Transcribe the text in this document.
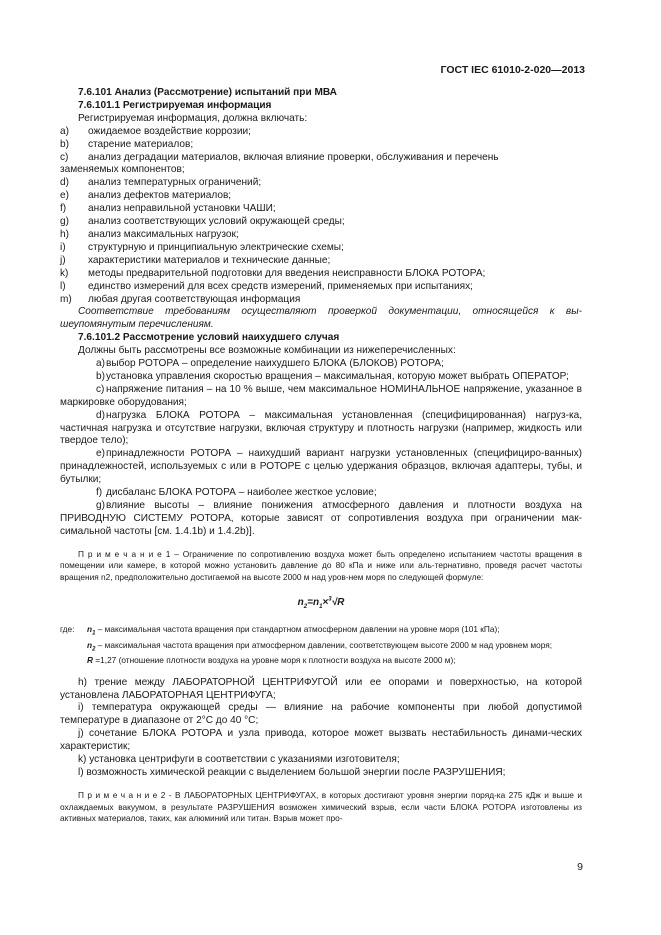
ГОСТ IEC 61010-2-020—2013

7.6.101 Анализ (Рассмотрение) испытаний при МВА

7.6.101.1 Регистрируемая информация

Регистрируемая информация, должна включать:

a)	ожидаемое воздействие коррозии;
b)	старение материалов;
c)	анализ деградации материалов, включая влияние проверки, обслуживания и перечень
заменяемых компонентов;
d)	анализ температурных ограничений;
e)	анализ дефектов материалов;
f)	анализ неправильной установки ЧАШИ;
g)	анализ соответствующих условий окружающей среды;
h)	анализ максимальных нагрузок;
i)	структурную и принципиальную электрические схемы;
j)	характеристики материалов и технические данные;
k)	методы предварительной подготовки для введения неисправности БЛОКА РОТОРА;
l)	единство измерений для всех средств измерений, применяемых при испытаниях;
m)	любая другая соответствующая информация

Соответствие требованиям осуществляют проверкой документации, относящейся к вы-шеупомянутым перечислениям.

7.6.101.2 Рассмотрение условий наихудшего случая

Должны быть рассмотрены все возможные комбинации из нижеперечисленных:

a)выбор РОТОРА – определение наихудшего БЛОКА (БЛОКОВ) РОТОРА;

b)установка управления скоростью вращения – максимальная, которую может выбрать ОПЕРАТОР;

c) напряжение питания – на 10 % выше, чем максимальное НОМИНАЛЬНОЕ напряжение, указанное в маркировке оборудования;

d)нагрузка БЛОКА РОТОРА – максимальная установленная (специфицированная) нагруз-ка, частичная нагрузка и отсутствие нагрузки, включая структуру и плотность нагрузки (например, жидкость или твердое тело);

e)принадлежности РОТОРА – наихудший вариант нагрузки установленных (специфициро-ванных) принадлежностей, используемых с или в РОТОРЕ с целью удержания образцов, включая адаптеры, тубы, и бутылки;

f) дисбаланс БЛОКА РОТОРА – наиболее жесткое условие;

g)влияние высоты – влияние понижения атмосферного давления и плотности воздуха на ПРИВОДНУЮ СИСТЕМУ РОТОРА, которые зависят от сопротивления воздуха при ограничении мак-симальной частоты [см. 1.4.1b) и 1.4.2b)].

П р и м е ч а н и е 1 – Ограничение по сопротивлению воздуха может быть определено испытанием частоты вращения в помещении или камере, в которой можно установить давление до 80 кПа и ниже или аль-тернативно, проведя расчет частоты вращения n2, предположительно достигаемой на высоте 2000 м над уров-нем моря по следующей формуле:

$n_2=n_1\times^3√R$
где:	$n_1$ – максимальная частота вращения при стандартном атмосферном давлении на уровне моря (101 кПа);
$n_2$ – максимальная частота вращения при атмосферном давлении, соответствующем высоте 2000 м над уровнем моря;
R =1,27 (отношение плотности воздуха на уровне моря к плотности воздуха на высоте 2000 м);

h) трение между ЛАБОРАТОРНОЙ ЦЕНТРИФУГОЙ или ее опорами и поверхностью, на которой установлена ЛАБОРАТОРНАЯ ЦЕНТРИФУГА;

i) температура окружающей среды — влияние на рабочие компоненты при любой допустимой температуре в диапазоне от 2°C до 40 °C;

j) сочетание БЛОКА РОТОРА и узла привода, которое может вызвать нестабильность динами-ческих характеристик;

k) установка центрифуги в соответствии с указаниями изготовителя;

l) возможность химической реакции с выделением большой энергии после РАЗРУШЕНИЯ;

П р и м е ч а н и е 2 - В ЛАБОРАТОРНЫХ ЦЕНТРИФУГАХ, в которых достигают уровня энергии поряд-ка 275 кДж и выше и охлаждаемых вакуумом, в результате РАЗРУШЕНИЯ возможен химический взрыв, если части БЛОКА РОТОРА изготовлены из активных материалов, таких, как алюминий или титан. Взрыв может про-

9
